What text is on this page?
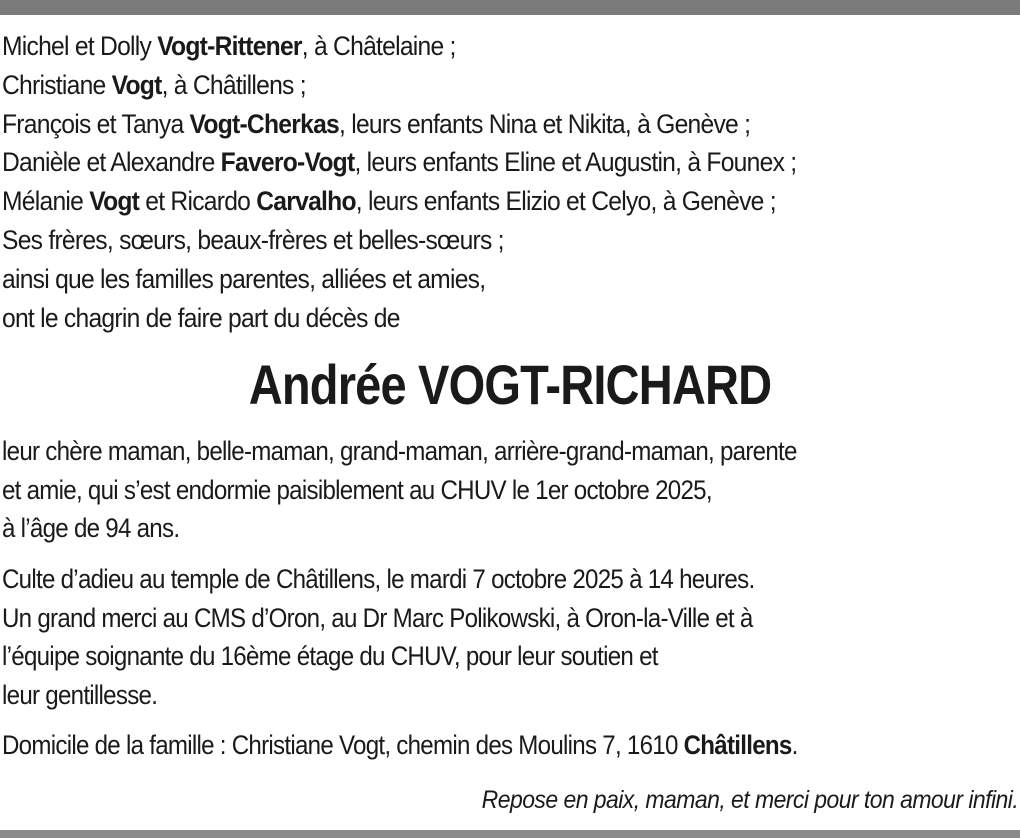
Michel et Dolly Vogt-Rittener, à Châtelaine ;
Christiane Vogt, à Châtillens ;
François et Tanya Vogt-Cherkas, leurs enfants Nina et Nikita, à Genève ;
Danièle et Alexandre Favero-Vogt, leurs enfants Eline et Augustin, à Founex ;
Mélanie Vogt et Ricardo Carvalho, leurs enfants Elizio et Celyo, à Genève ;
Ses frères, sœurs, beaux-frères et belles-sœurs ;
ainsi que les familles parentes, alliées et amies,
ont le chagrin de faire part du décès de
Andrée VOGT-RICHARD
leur chère maman, belle-maman, grand-maman, arrière-grand-maman, parente
et amie, qui s’est endormie paisiblement au CHUV le 1er octobre 2025,
à l’âge de 94 ans.
Culte d’adieu au temple de Châtillens, le mardi 7 octobre 2025 à 14 heures.
Un grand merci au CMS d’Oron, au Dr Marc Polikowski, à Oron-la-Ville et à
l’équipe soignante du 16ème étage du CHUV, pour leur soutien et
leur gentillesse.
Domicile de la famille : Christiane Vogt, chemin des Moulins 7, 1610 Châtillens.
Repose en paix, maman, et merci pour ton amour infini.
